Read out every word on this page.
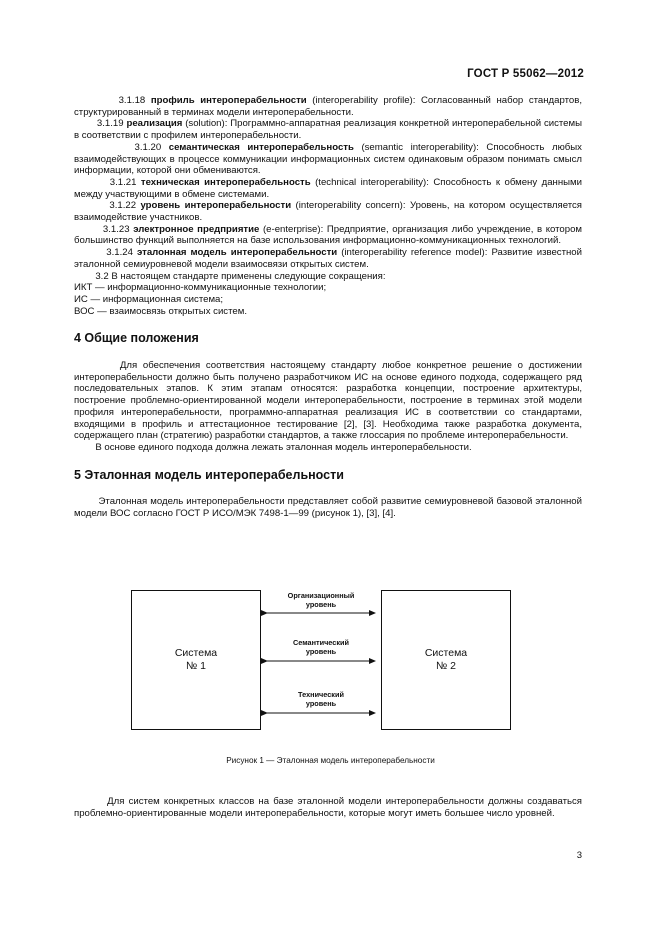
ГОСТ Р 55062—2012

3.1.18 профиль интероперабельности (interoperability profile): Согласованный набор стандартов, структурированный в терминах модели интероперабельности.

3.1.19 реализация (solution): Программно-аппаратная реализация конкретной интероперабельной системы в соответствии с профилем интероперабельности.

3.1.20 семантическая интероперабельность (semantic interoperability): Способность любых взаимодействующих в процессе коммуникации информационных систем одинаковым образом понимать смысл информации, которой они обмениваются.

3.1.21 техническая интероперабельность (technical interoperability): Способность к обмену данными между участвующими в обмене системами.

3.1.22 уровень интероперабельности (interoperability concern): Уровень, на котором осуществляется взаимодействие участников.

3.1.23 электронное предприятие (e-enterprise): Предприятие, организация либо учреждение, в котором большинство функций выполняется на базе использования информационно-коммуникационных технологий.

3.1.24 эталонная модель интероперабельности (interoperability reference model): Развитие известной эталонной семиуровневой модели взаимосвязи открытых систем.

3.2 В настоящем стандарте применены следующие сокращения:

ИКТ — информационно-коммуникационные технологии;

ИС — информационная система;

ВОС — взаимосвязь открытых систем.

4 Общие положения

Для обеспечения соответствия настоящему стандарту любое конкретное решение о достижении интероперабельности должно быть получено разработчиком ИС на основе единого подхода, содержащего ряд последовательных этапов. К этим этапам относятся: разработка концепции, построение архитектуры, построение проблемно-ориентированной модели интероперабельности, построение в терминах этой модели профиля интероперабельности, программно-аппаратная реализация ИС в соответствии со стандартами, входящими в профиль и аттестационное тестирование [2], [3]. Необходима также разработка документа, содержащего план (стратегию) разработки стандартов, а также глоссария по проблеме интероперабельности.

В основе единого подхода должна лежать эталонная модель интероперабельности.

5 Эталонная модель интероперабельности

Эталонная модель интероперабельности представляет собой развитие семиуровневой базовой эталонной модели ВОС согласно ГОСТ Р ИСО/МЭК 7498-1—99 (рисунок 1), [3], [4].

Система
№ 1
Система
№ 2
Организационный
уровень
Семантический
уровень
Технический
уровень
Рисунок 1 — Эталонная модель интероперабельности
Для систем конкретных классов на базе эталонной модели интероперабельности должны создаваться проблемно-ориентированные модели интероперабельности, которые могут иметь большее число уровней.
3
